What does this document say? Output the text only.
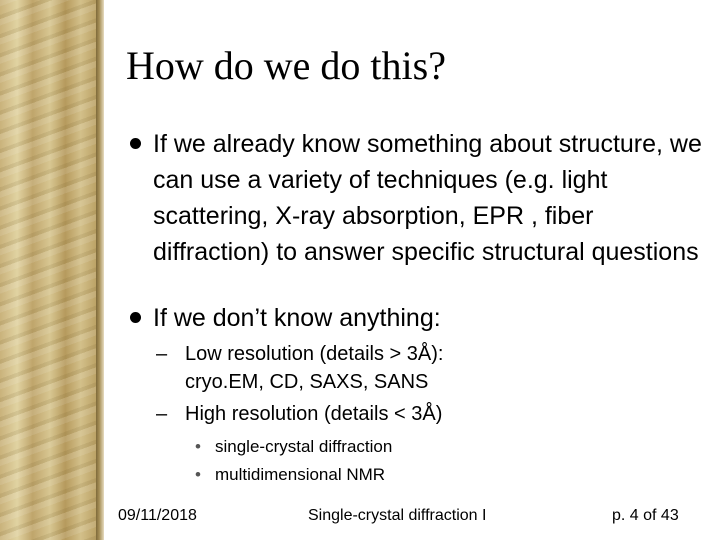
How do we do this?
If we already know something about structure, we can use a variety of techniques (e.g. light scattering, X-ray absorption, EPR , fiber diffraction) to answer specific structural questions
If we don’t know anything:
– Low resolution (details > 3Å): cryo.EM, CD, SAXS, SANS
– High resolution (details < 3Å)
• single-crystal diffraction
• multidimensional NMR
09/11/2018	Single-crystal diffraction I	p. 4 of 43
